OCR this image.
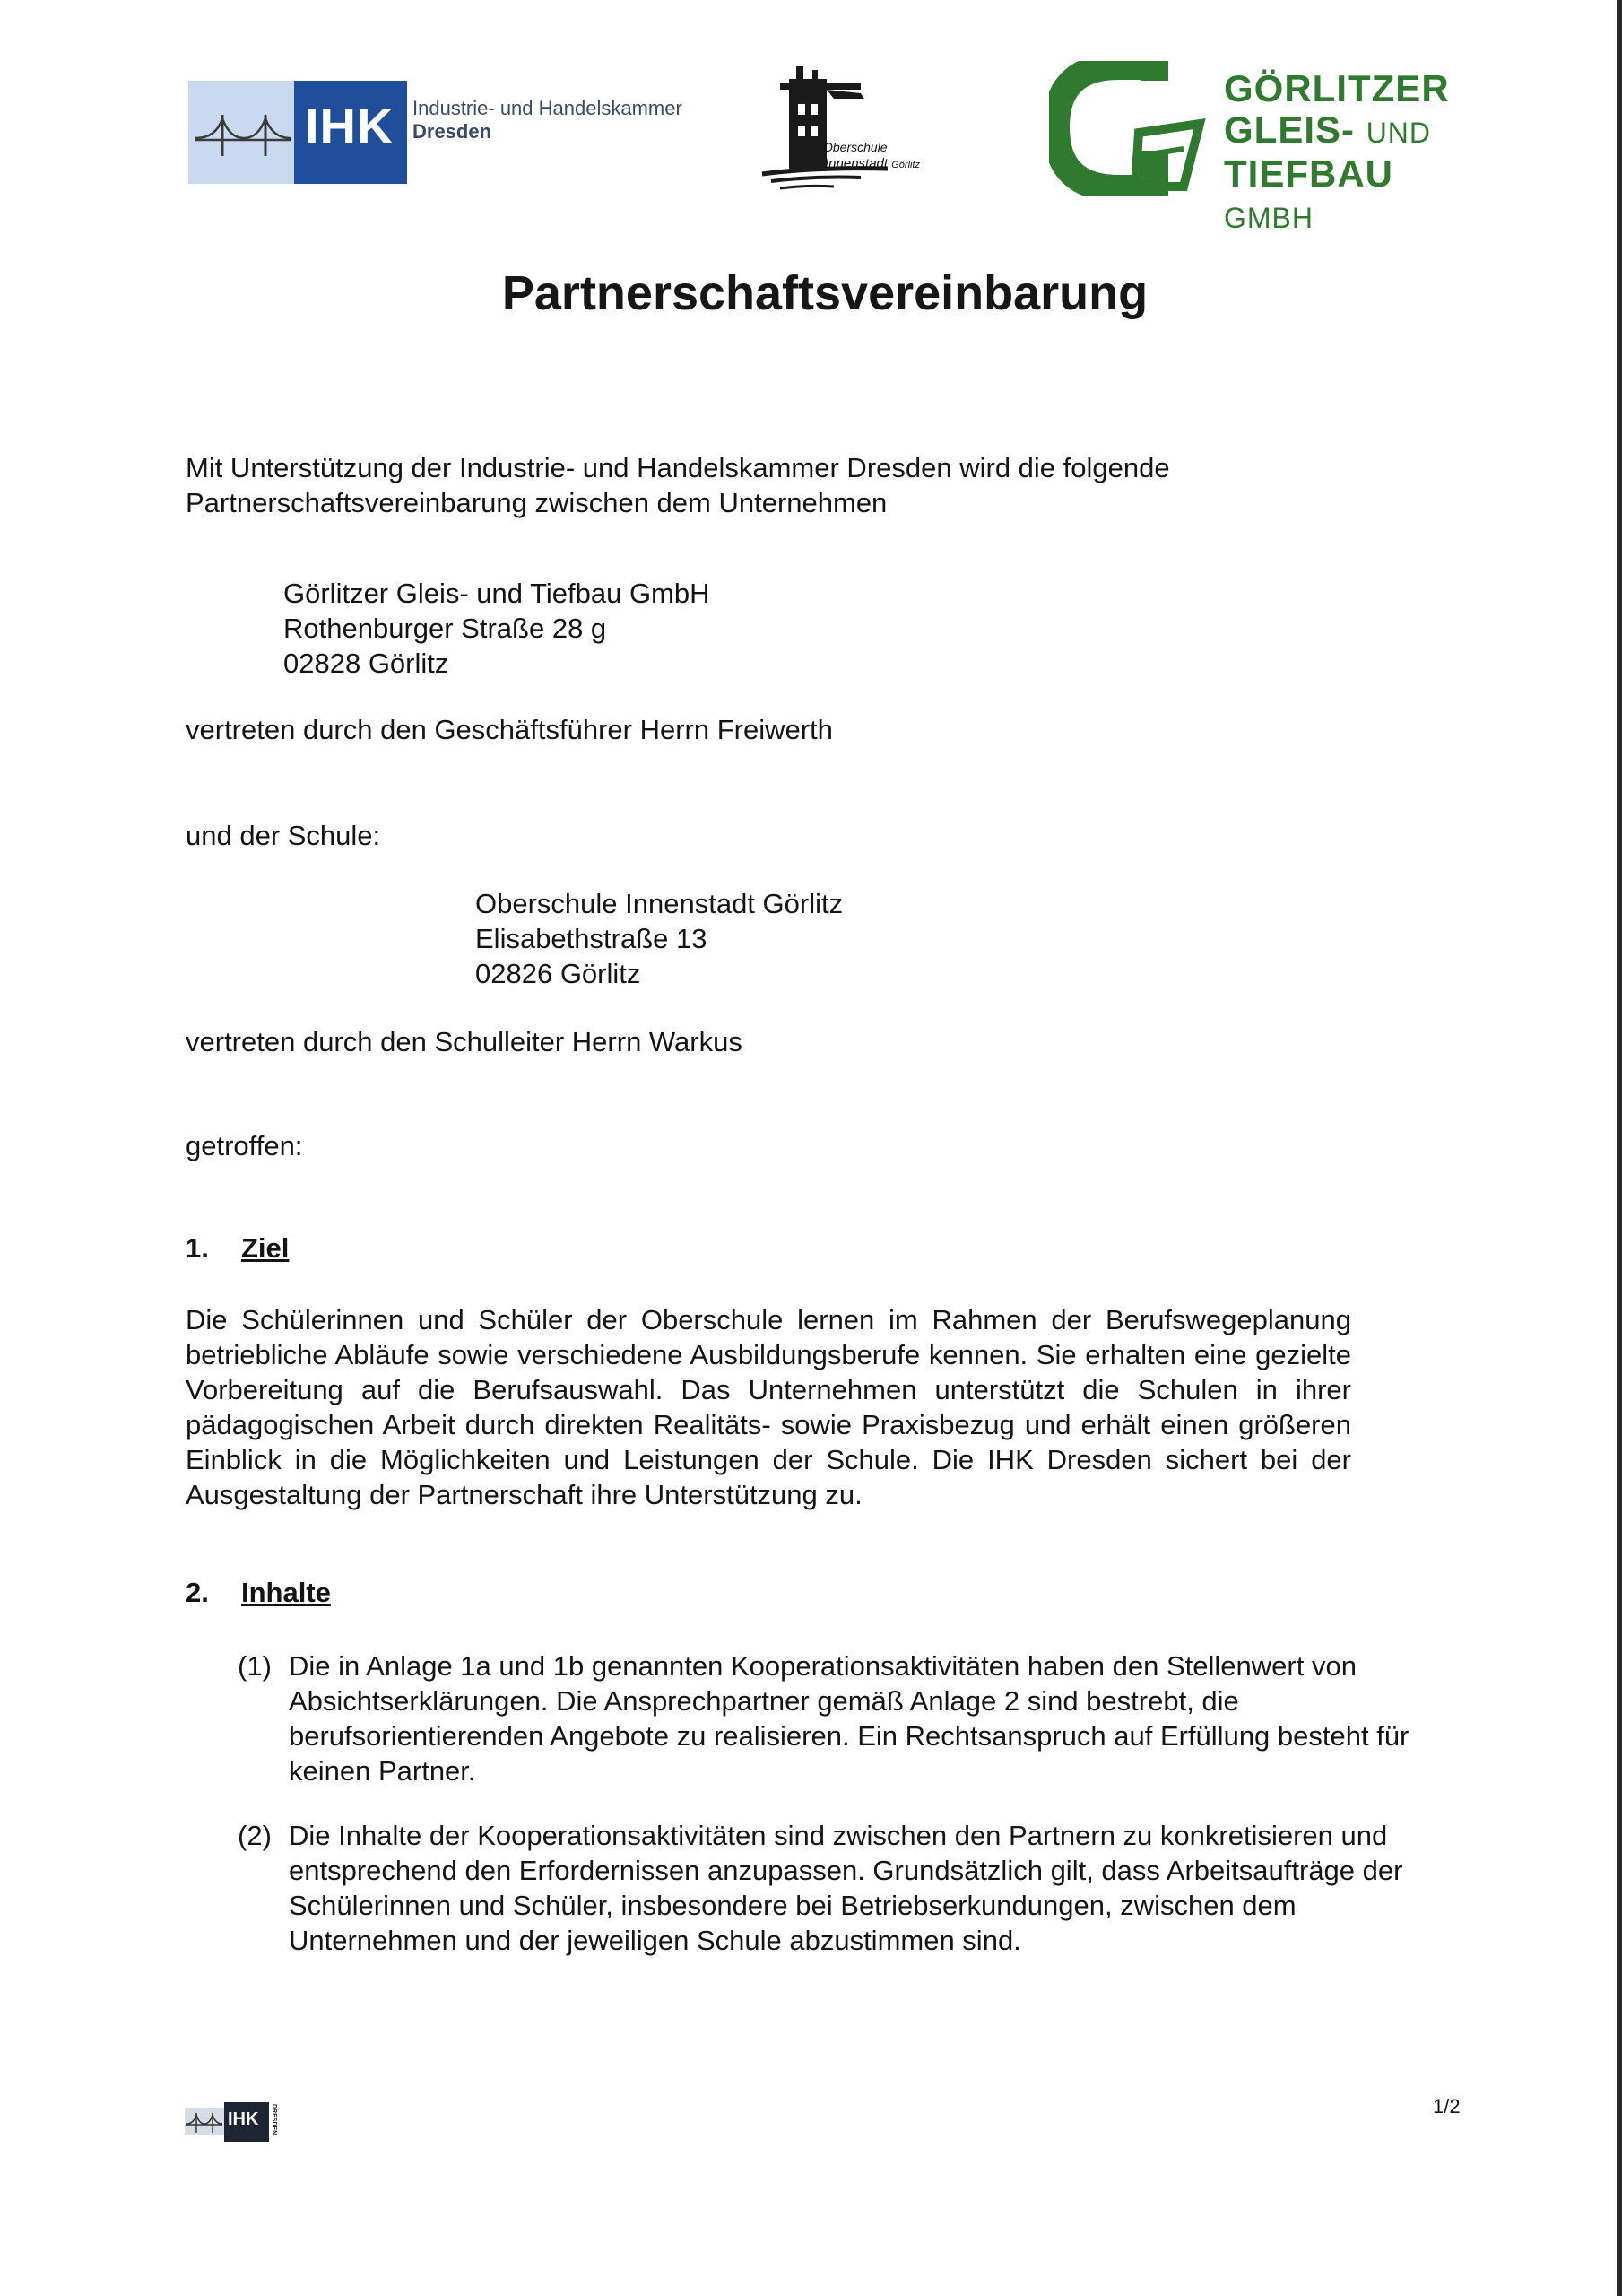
IHK Industrie- und Handelskammer
Dresden
Oberschule
Innenstadt Görlitz
GÖRLITZER
GLEIS- UND
TIEFBAU GMBH
Partnerschaftsvereinbarung
Mit Unterstützung der Industrie- und Handelskammer Dresden wird die folgende
Partnerschaftsvereinbarung zwischen dem Unternehmen
Görlitzer Gleis- und Tiefbau GmbH
Rothenburger Straße 28 g
02828 Görlitz
vertreten durch den Geschäftsführer Herrn Freiwerth
und der Schule:
Oberschule Innenstadt Görlitz
Elisabethstraße 13
02826 Görlitz
vertreten durch den Schulleiter Herrn Warkus
getroffen:
1. Ziel
Die Schülerinnen und Schüler der Oberschule lernen im Rahmen der Berufswegeplanung betriebliche Abläufe sowie verschiedene Ausbildungsberufe kennen. Sie erhalten eine gezielte Vorbereitung auf die Berufsauswahl. Das Unternehmen unterstützt die Schulen in ihrer pädagogischen Arbeit durch direkten Realitäts- sowie Praxisbezug und erhält einen größeren Einblick in die Möglichkeiten und Leistungen der Schule. Die IHK Dresden sichert bei der Ausgestaltung der Partnerschaft ihre Unterstützung zu.
2. Inhalte
(1) Die in Anlage 1a und 1b genannten Kooperationsaktivitäten haben den Stellenwert von Absichtserklärungen. Die Ansprechpartner gemäß Anlage 2 sind bestrebt, die berufsorientierenden Angebote zu realisieren. Ein Rechtsanspruch auf Erfüllung besteht für keinen Partner.
(2) Die Inhalte der Kooperationsaktivitäten sind zwischen den Partnern zu konkretisieren und entsprechend den Erfordernissen anzupassen. Grundsätzlich gilt, dass Arbeitsaufträge der Schülerinnen und Schüler, insbesondere bei Betriebserkundungen, zwischen dem Unternehmen und der jeweiligen Schule abzustimmen sind.
IHK DRESDEN	1/2
